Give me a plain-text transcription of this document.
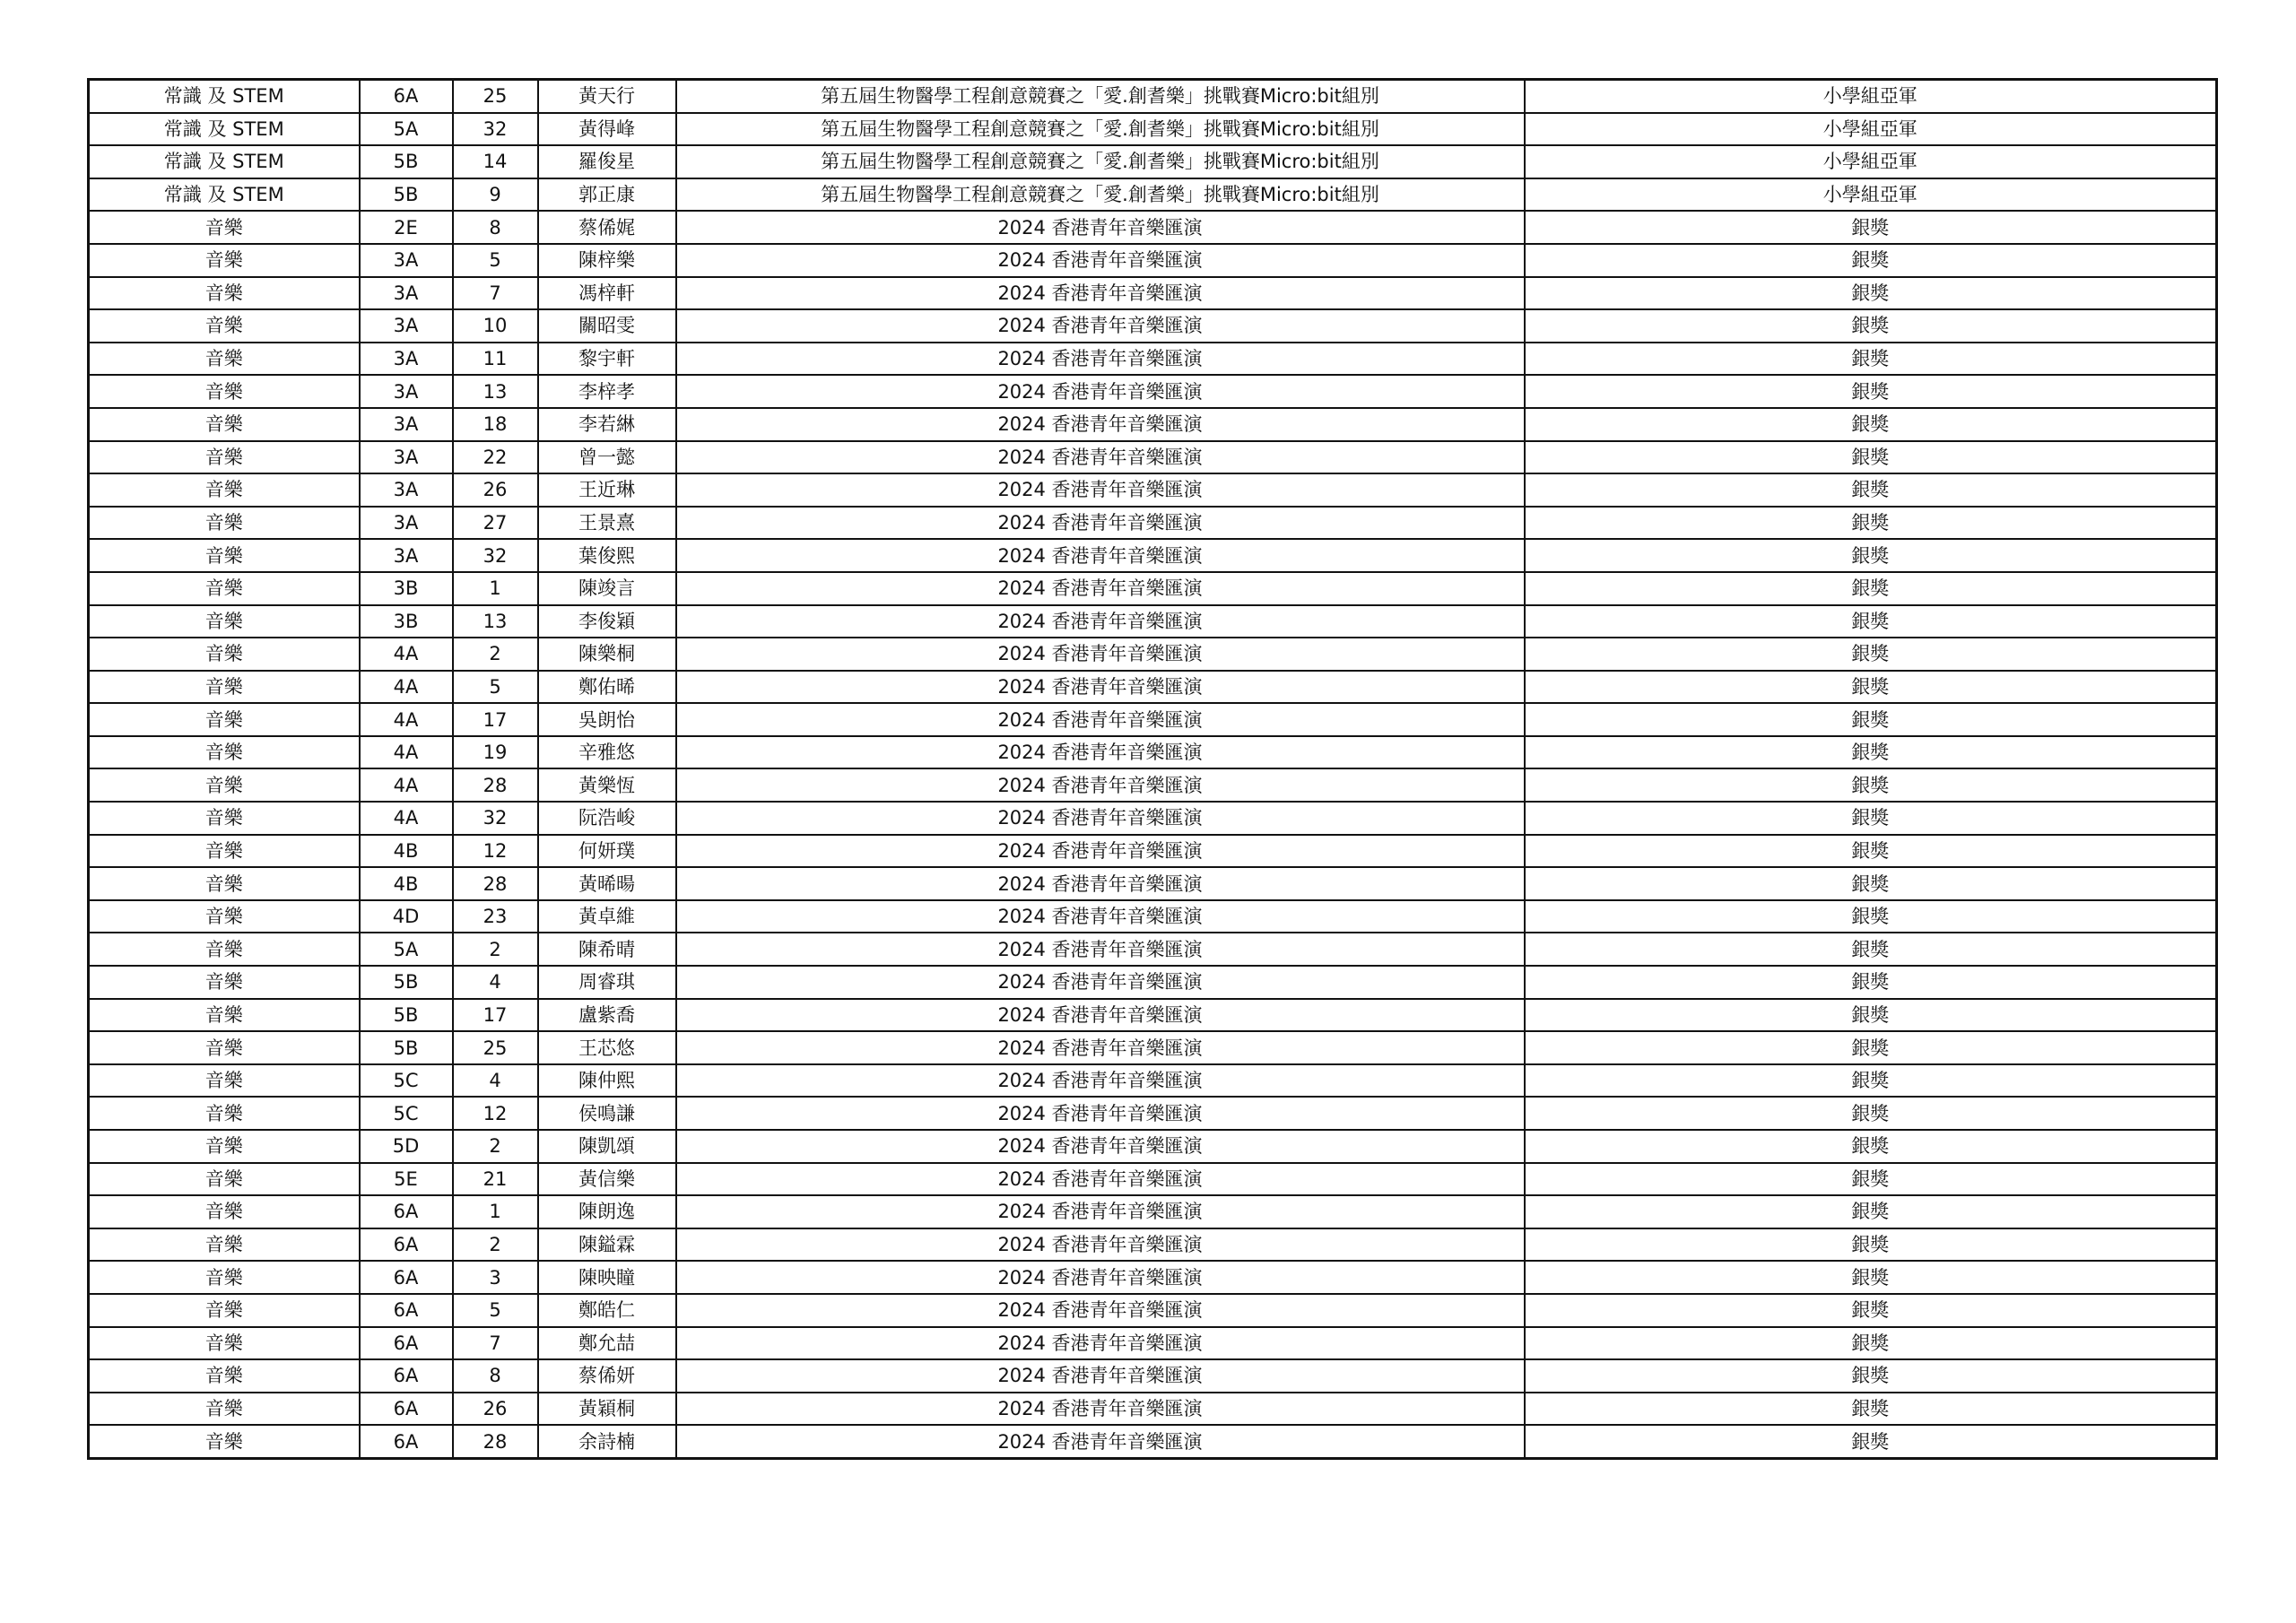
常識 及 STEM	6A	25	黃天行	第五屆生物醫學工程創意競賽之「愛.創耆樂」挑戰賽Micro:bit組別	小學組亞軍
常識 及 STEM	5A	32	黃得峰	第五屆生物醫學工程創意競賽之「愛.創耆樂」挑戰賽Micro:bit組別	小學組亞軍
常識 及 STEM	5B	14	羅俊星	第五屆生物醫學工程創意競賽之「愛.創耆樂」挑戰賽Micro:bit組別	小學組亞軍
常識 及 STEM	5B	9	郭正康	第五屆生物醫學工程創意競賽之「愛.創耆樂」挑戰賽Micro:bit組別	小學組亞軍
音樂	2E	8	蔡俙娓	2024 香港青年音樂匯演	銀獎
音樂	3A	5	陳梓樂	2024 香港青年音樂匯演	銀獎
音樂	3A	7	馮梓軒	2024 香港青年音樂匯演	銀獎
音樂	3A	10	關昭雯	2024 香港青年音樂匯演	銀獎
音樂	3A	11	黎宇軒	2024 香港青年音樂匯演	銀獎
音樂	3A	13	李梓孝	2024 香港青年音樂匯演	銀獎
音樂	3A	18	李若綝	2024 香港青年音樂匯演	銀獎
音樂	3A	22	曾一懿	2024 香港青年音樂匯演	銀獎
音樂	3A	26	王近琳	2024 香港青年音樂匯演	銀獎
音樂	3A	27	王景熹	2024 香港青年音樂匯演	銀獎
音樂	3A	32	葉俊熙	2024 香港青年音樂匯演	銀獎
音樂	3B	1	陳竣言	2024 香港青年音樂匯演	銀獎
音樂	3B	13	李俊穎	2024 香港青年音樂匯演	銀獎
音樂	4A	2	陳樂桐	2024 香港青年音樂匯演	銀獎
音樂	4A	5	鄭佑晞	2024 香港青年音樂匯演	銀獎
音樂	4A	17	吳朗怡	2024 香港青年音樂匯演	銀獎
音樂	4A	19	辛雅悠	2024 香港青年音樂匯演	銀獎
音樂	4A	28	黃樂恆	2024 香港青年音樂匯演	銀獎
音樂	4A	32	阮浩峻	2024 香港青年音樂匯演	銀獎
音樂	4B	12	何妍璞	2024 香港青年音樂匯演	銀獎
音樂	4B	28	黃晞暘	2024 香港青年音樂匯演	銀獎
音樂	4D	23	黃卓維	2024 香港青年音樂匯演	銀獎
音樂	5A	2	陳希晴	2024 香港青年音樂匯演	銀獎
音樂	5B	4	周睿琪	2024 香港青年音樂匯演	銀獎
音樂	5B	17	盧紫喬	2024 香港青年音樂匯演	銀獎
音樂	5B	25	王芯悠	2024 香港青年音樂匯演	銀獎
音樂	5C	4	陳仲熙	2024 香港青年音樂匯演	銀獎
音樂	5C	12	侯鳴謙	2024 香港青年音樂匯演	銀獎
音樂	5D	2	陳凱頌	2024 香港青年音樂匯演	銀獎
音樂	5E	21	黃信樂	2024 香港青年音樂匯演	銀獎
音樂	6A	1	陳朗逸	2024 香港青年音樂匯演	銀獎
音樂	6A	2	陳鎰霖	2024 香港青年音樂匯演	銀獎
音樂	6A	3	陳映瞳	2024 香港青年音樂匯演	銀獎
音樂	6A	5	鄭皓仁	2024 香港青年音樂匯演	銀獎
音樂	6A	7	鄭允喆	2024 香港青年音樂匯演	銀獎
音樂	6A	8	蔡俙妍	2024 香港青年音樂匯演	銀獎
音樂	6A	26	黃穎桐	2024 香港青年音樂匯演	銀獎
音樂	6A	28	余詩楠	2024 香港青年音樂匯演	銀獎
